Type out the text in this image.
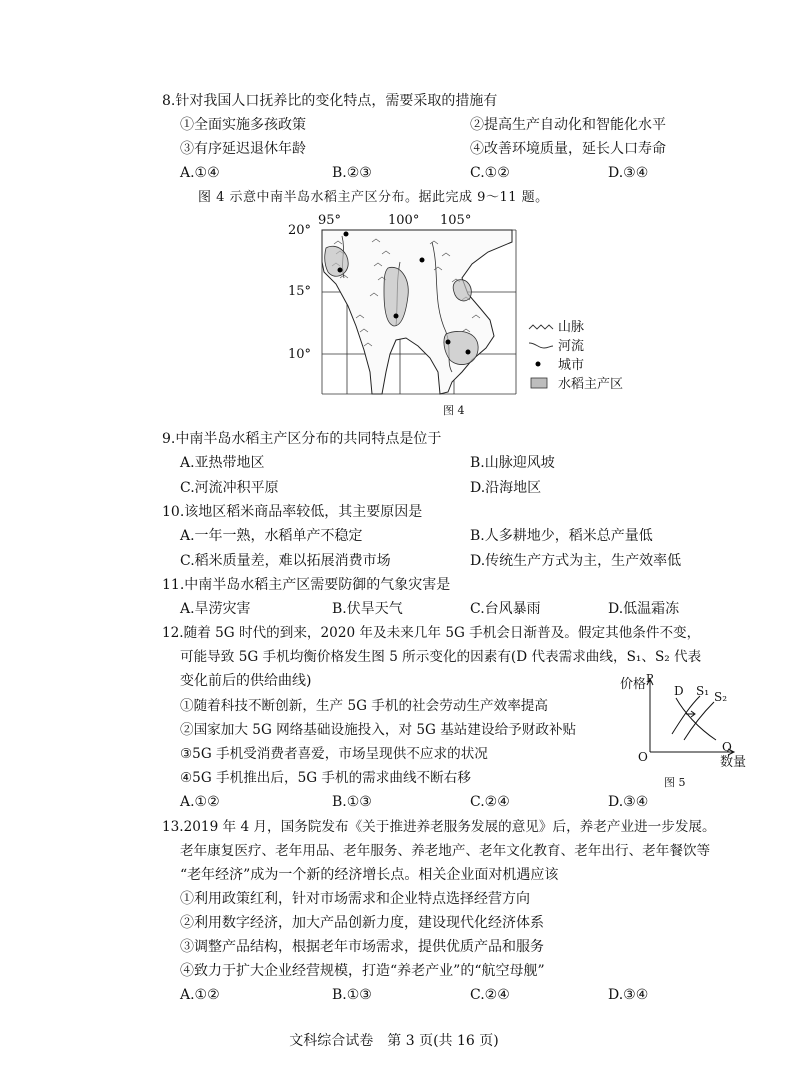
8.针对我国人口抚养比的变化特点，需要采取的措施有
①全面实施多孩政策	②提高生产自动化和智能化水平
③有序延迟退休年龄	④改善环境质量，延长人口寿命
A.①④	B.②③	C.①②	D.③④
图 4 示意中南半岛水稻主产区分布。据此完成 9～11 题。
95°	100° 105°
20°
15°
10°
山脉
河流
城市
水稻主产区
图 4
9.中南半岛水稻主产区分布的共同特点是位于
A.亚热带地区	B.山脉迎风坡
C.河流冲积平原	D.沿海地区
10.该地区稻米商品率较低，其主要原因是
A.一年一熟，水稻单产不稳定	B.人多耕地少，稻米总产量低
C.稻米质量差，难以拓展消费市场	D.传统生产方式为主，生产效率低
11.中南半岛水稻主产区需要防御的气象灾害是
A.旱涝灾害	B.伏旱天气	C.台风暴雨	D.低温霜冻
12.随着 5G 时代的到来，2020 年及未来几年 5G 手机会日渐普及。假定其他条件不变，
可能导致 5G 手机均衡价格发生图 5 所示变化的因素有(D 代表需求曲线，S₁、S₂ 代表
变化前后的供给曲线)
①随着科技不断创新，生产 5G 手机的社会劳动生产效率提高
②国家加大 5G 网络基础设施投入，对 5G 基站建设给予财政补贴
③5G 手机受消费者喜爱，市场呈现供不应求的状况
④5G 手机推出后，5G 手机的需求曲线不断右移
A.①②	B.①③	C.②④	D.③④
价格 P
D S₁ S₂
O
Q
数量
图 5
13.2019 年 4 月，国务院发布《关于推进养老服务发展的意见》后，养老产业进一步发展。
老年康复医疗、老年用品、老年服务、养老地产、老年文化教育、老年出行、老年餐饮等
“老年经济”成为一个新的经济增长点。相关企业面对机遇应该
①利用政策红利，针对市场需求和企业特点选择经营方向
②利用数字经济，加大产品创新力度，建设现代化经济体系
③调整产品结构，根据老年市场需求，提供优质产品和服务
④致力于扩大企业经营规模，打造“养老产业”的“航空母舰”
A.①②	B.①③	C.②④	D.③④
文科综合试卷　第 3 页(共 16 页)
